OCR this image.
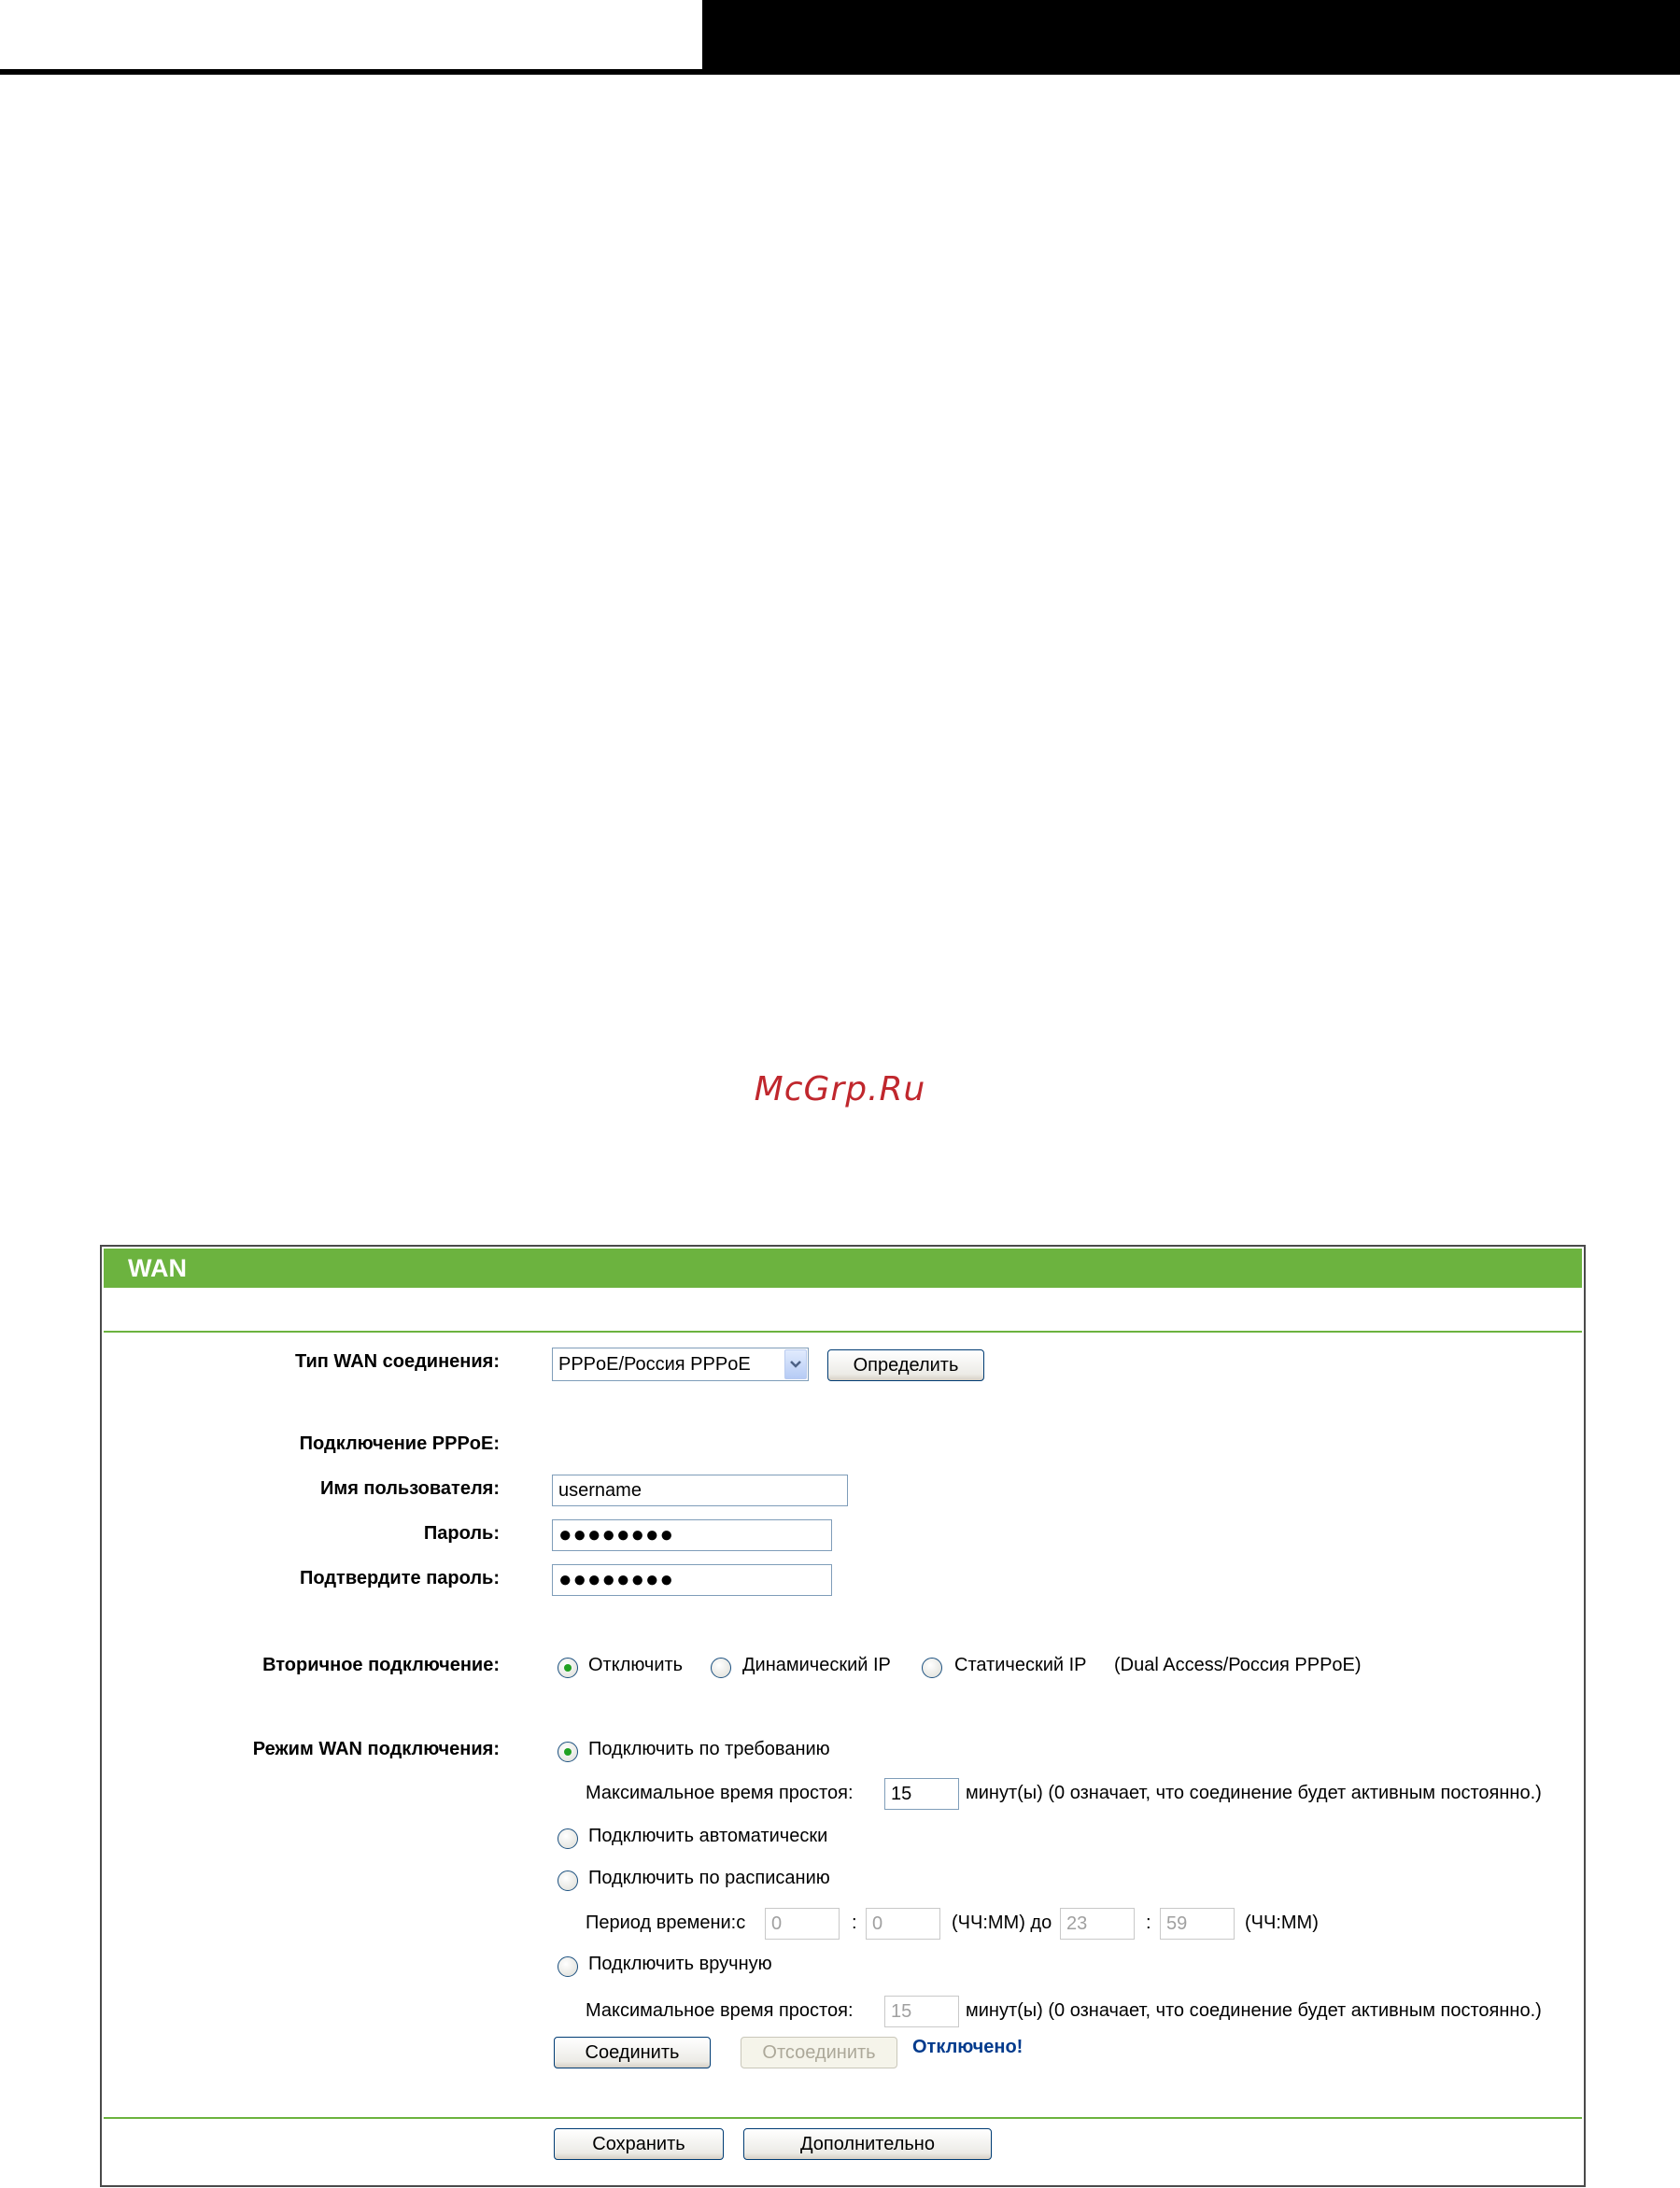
McGrp.Ru
WAN
Тип WAN соединения:	PPPoE/Россия PPPoE	Определить
Подключение PPPoE:
Имя пользователя:
username
Пароль:
●●●●●●●●
Подтвердите пароль:
●●●●●●●●
Вторичное подключение:	Отключить	Динамический IP	Статический IP (Dual Access/Россия PPPoE)
Режим WAN подключения:	Подключить по требованию
Максимальное время простоя:
15	минут(ы) (0 означает, что соединение будет активным постоянно.)
Подключить автоматически
Подключить по расписанию
Период времени:с
0	:
0	(ЧЧ:ММ) до
23	:
59	(ЧЧ:ММ)
Подключить вручную
Максимальное время простоя:
15	минут(ы) (0 означает, что соединение будет активным постоянно.)
Соединить	Отсоединить	Отключено!
Сохранить	Дополнительно
